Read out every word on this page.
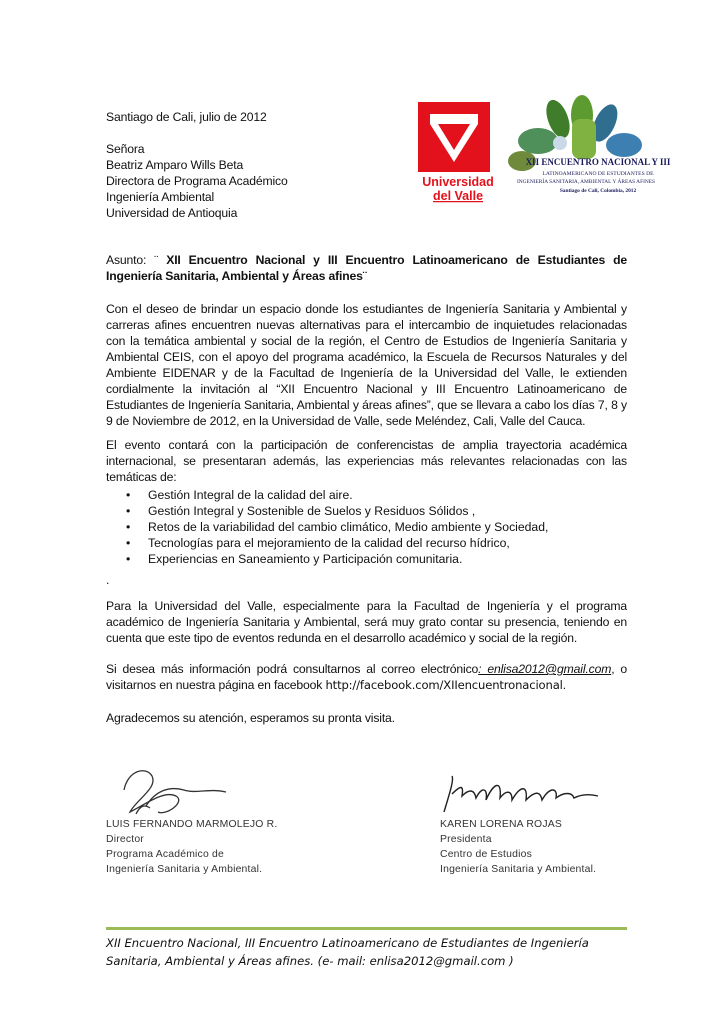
Universidad
del Valle
XII ENCUENTRO NACIONAL Y III
LATINOAMERICANO DE ESTUDIANTES DE
INGENIERÍA SANITARIA, AMBIENTAL Y ÁREAS AFINES
Santiago de Cali, Colombia, 2012
Santiago de Cali, julio de 2012
Señora
Beatriz Amparo Wills Beta
Directora de Programa Académico
Ingeniería Ambiental
Universidad de Antioquia
Asunto: ¨ XII Encuentro Nacional y III Encuentro Latinoamericano de Estudiantes de Ingeniería Sanitaria, Ambiental y Áreas afines¨
Con el deseo de brindar un espacio donde los estudiantes de Ingeniería Sanitaria y Ambiental y carreras afines encuentren nuevas alternativas para el intercambio de inquietudes relacionadas con la temática ambiental y social de la región, el Centro de Estudios de Ingeniería Sanitaria y Ambiental CEIS, con el apoyo del programa académico, la Escuela de Recursos Naturales y del Ambiente EIDENAR y de la Facultad de Ingeniería de la Universidad del Valle, le extienden cordialmente la invitación al “XII Encuentro Nacional y III Encuentro Latinoamericano de Estudiantes de Ingeniería Sanitaria, Ambiental y áreas afines”, que se llevara a cabo los días 7, 8 y 9 de Noviembre de 2012, en la Universidad de Valle, sede Meléndez, Cali, Valle del Cauca.
El evento contará con la participación de conferencistas de amplia trayectoria académica internacional, se presentaran además, las experiencias más relevantes relacionadas con las temáticas de:
• Gestión Integral de la calidad del aire.
• Gestión Integral y Sostenible de Suelos y Residuos Sólidos ,
• Retos de la variabilidad del cambio climático, Medio ambiente y Sociedad,
• Tecnologías para el mejoramiento de la calidad del recurso hídrico,
• Experiencias en Saneamiento y Participación comunitaria.
.
Para la Universidad del Valle, especialmente para la Facultad de Ingeniería y el programa académico de Ingeniería Sanitaria y Ambiental, será muy grato contar su presencia, teniendo en cuenta que este tipo de eventos redunda en el desarrollo académico y social de la región.
Si desea más información podrá consultarnos al correo electrónico: enlisa2012@gmail.com, o visitarnos en nuestra página en facebook http://facebook.com/XIIencuentronacional.
Agradecemos su atención, esperamos su pronta visita.
LUIS FERNANDO MARMOLEJO R.
Director
Programa Académico de
Ingeniería Sanitaria y Ambiental.
KAREN LORENA ROJAS
Presidenta
Centro de Estudios
Ingeniería Sanitaria y Ambiental.
XII Encuentro Nacional, III Encuentro Latinoamericano de Estudiantes de Ingeniería Sanitaria, Ambiental y Áreas afines. (e- mail: enlisa2012@gmail.com )
